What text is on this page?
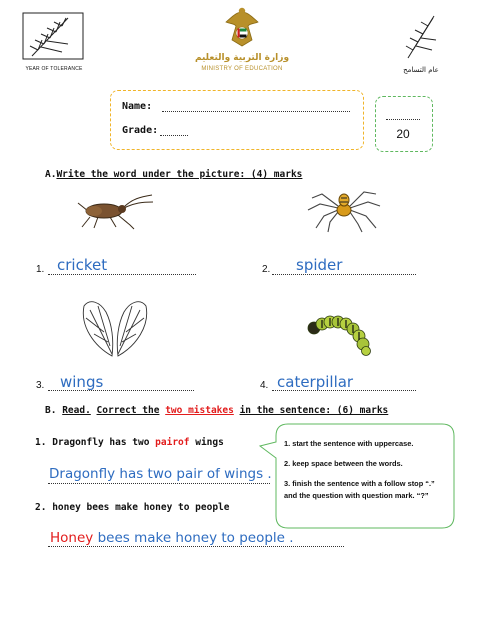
YEAR OF TOLERANCE
وزارة التربية والتعليم
MINISTRY OF EDUCATION	عام التسامح
Name:
Grade:	20
A.Write the word under the picture: (4) marks
1. cricket	2. spider
3. wings	4. caterpillar
B. Read. Correct the two mistakes in the sentence: (6) marks
1. Dragonfly has two pairof wings
Dragonfly has two pair of wings .
2. honey bees make honey to people
Honey bees make honey to people .
1. start the sentence with uppercase.
2. keep space between the words.
3. finish the sentence with a follow stop “.” and the question with question mark. “?”
